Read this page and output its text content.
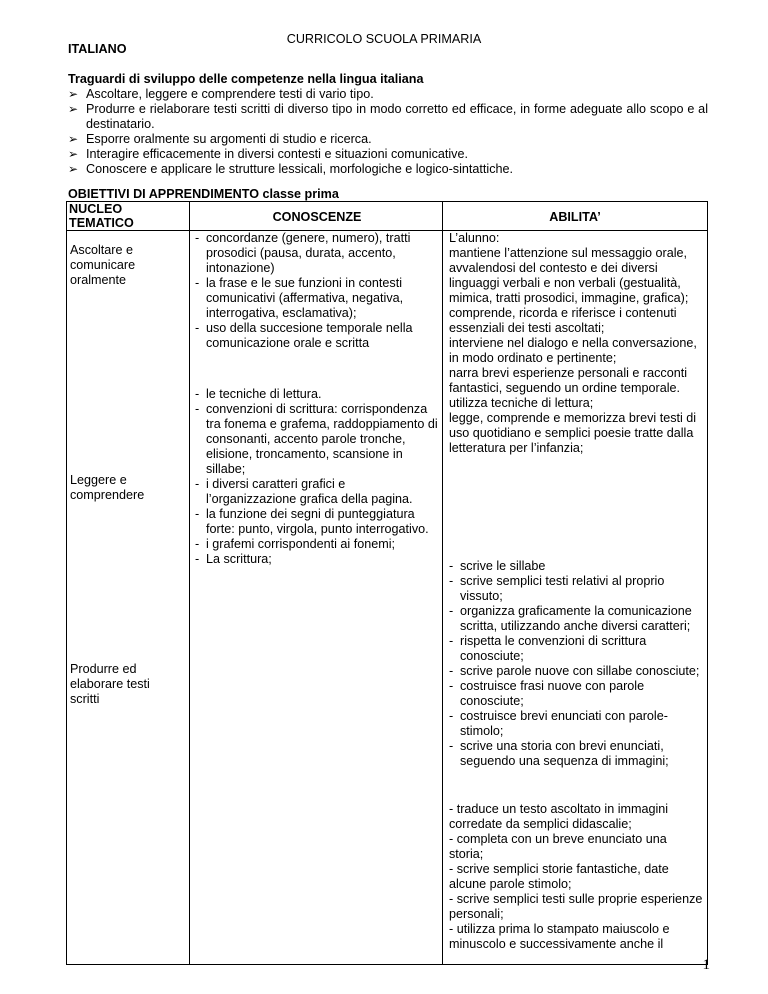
CURRICOLO SCUOLA PRIMARIA
ITALIANO
Traguardi di sviluppo delle competenze nella lingua italiana
➢ Ascoltare, leggere e comprendere testi di vario tipo.
➢ Produrre e rielaborare testi scritti di diverso tipo in modo corretto ed efficace, in forme adeguate allo scopo e al destinatario.
➢ Esporre oralmente su argomenti di studio e ricerca.
➢ Interagire efficacemente in diversi contesti e situazioni comunicative.
➢ Conoscere e applicare le strutture lessicali, morfologiche e logico-sintattiche.
OBIETTIVI DI APPRENDIMENTO classe prima
NUCLEO
TEMATICO	CONOSCENZE	ABILITA’
Ascoltare e
comunicare
oralmente
Leggere e
comprendere
Produrre ed
elaborare testi
scritti
- concordanze (genere, numero), tratti prosodici (pausa, durata, accento, intonazione)
- la frase e le sue funzioni in contesti comunicativi (affermativa, negativa, interrogativa, esclamativa);
- uso della succesione temporale nella comunicazione orale e scritta
- le tecniche di lettura.
- convenzioni di scrittura: corrispondenza tra fonema e grafema, raddoppiamento di consonanti, accento parole tronche, elisione, troncamento, scansione in sillabe;
- i diversi caratteri grafici e l’organizzazione grafica della pagina.
- la funzione dei segni di punteggiatura forte: punto, virgola, punto interrogativo.
- i grafemi corrispondenti ai fonemi;
- La scrittura;
L’alunno:
mantiene l’attenzione sul messaggio orale, avvalendosi del contesto e dei diversi linguaggi verbali e non verbali (gestualità, mimica, tratti prosodici, immagine, grafica);
comprende, ricorda e riferisce i contenuti essenziali dei testi ascoltati;
interviene nel dialogo e nella conversazione, in modo ordinato e pertinente;
narra brevi esperienze personali e racconti fantastici, seguendo un ordine temporale.
utilizza tecniche di lettura;
legge, comprende e memorizza brevi testi di uso quotidiano e semplici poesie tratte dalla letteratura per l’infanzia;
- scrive le sillabe
- scrive semplici testi relativi al proprio vissuto;
- organizza graficamente la comunicazione scritta, utilizzando anche diversi caratteri;
- rispetta le convenzioni di scrittura conosciute;
- scrive parole nuove con sillabe conosciute;
- costruisce frasi nuove con parole conosciute;
- costruisce brevi enunciati con parole-stimolo;
- scrive una storia con brevi enunciati, seguendo una sequenza di immagini;
- traduce un testo ascoltato in immagini corredate da semplici didascalie;
- completa con un breve enunciato una storia;
- scrive semplici storie fantastiche, date alcune parole stimolo;
- scrive semplici testi sulle proprie esperienze personali;
- utilizza prima lo stampato maiuscolo e minuscolo e successivamente anche il
1
